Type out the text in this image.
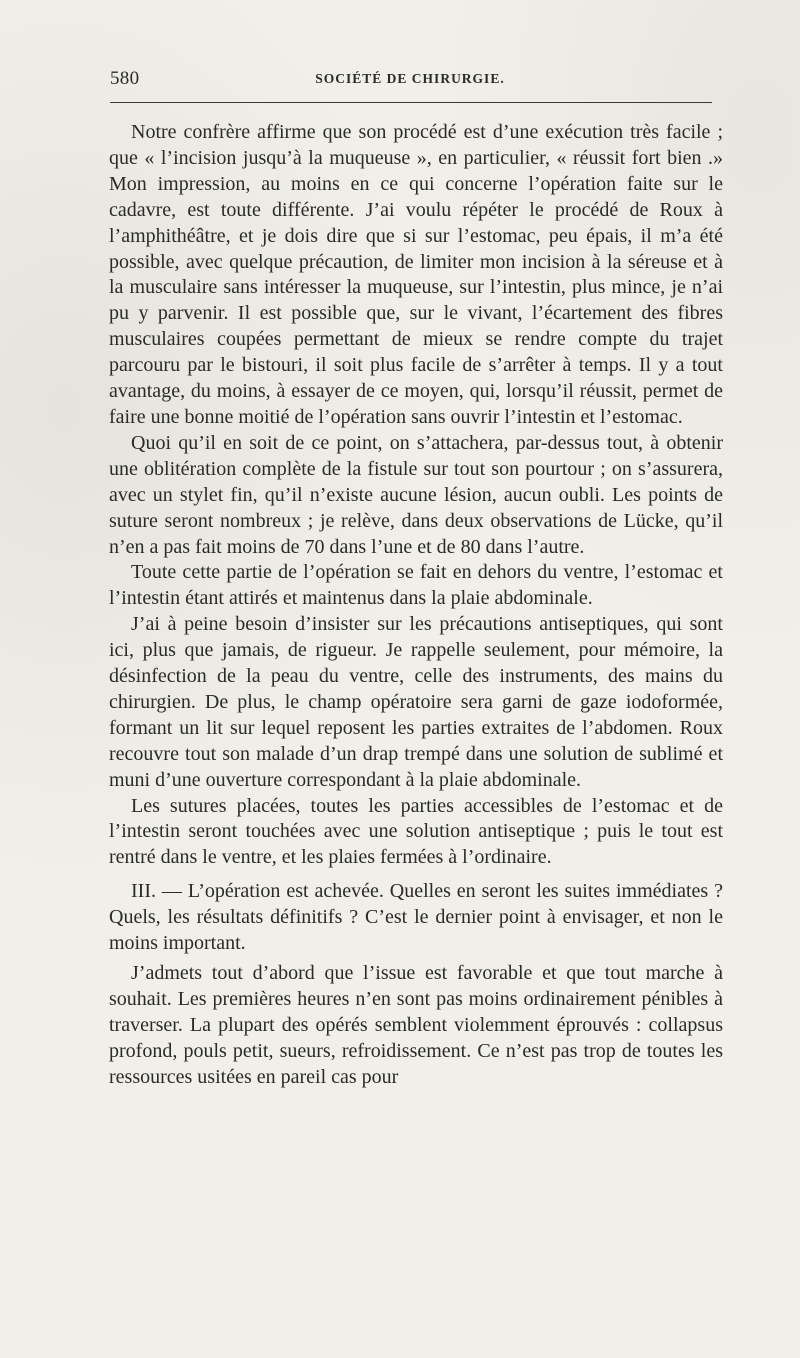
580	SOCIÉTÉ DE CHIRURGIE.

Notre confrère affirme que son procédé est d’une exécution très facile ; que « l’incision jusqu’à la muqueuse », en particulier, « réussit fort bien .» Mon impression, au moins en ce qui concerne l’opération faite sur le cadavre, est toute différente. J’ai voulu répéter le procédé de Roux à l’amphithéâtre, et je dois dire que si sur l’estomac, peu épais, il m’a été possible, avec quelque précaution, de limiter mon incision à la séreuse et à la musculaire sans intéresser la muqueuse, sur l’intestin, plus mince, je n’ai pu y parvenir. Il est possible que, sur le vivant, l’écartement des fibres musculaires coupées permettant de mieux se rendre compte du trajet parcouru par le bistouri, il soit plus facile de s’arrêter à temps. Il y a tout avantage, du moins, à essayer de ce moyen, qui, lorsqu’il réussit, permet de faire une bonne moitié de l’opération sans ouvrir l’intestin et l’estomac.

Quoi qu’il en soit de ce point, on s’attachera, par-dessus tout, à obtenir une oblitération complète de la fistule sur tout son pourtour ; on s’assurera, avec un stylet fin, qu’il n’existe aucune lésion, aucun oubli. Les points de suture seront nombreux ; je relève, dans deux observations de Lücke, qu’il n’en a pas fait moins de 70 dans l’une et de 80 dans l’autre.

Toute cette partie de l’opération se fait en dehors du ventre, l’estomac et l’intestin étant attirés et maintenus dans la plaie abdominale.

J’ai à peine besoin d’insister sur les précautions antiseptiques, qui sont ici, plus que jamais, de rigueur. Je rappelle seulement, pour mémoire, la désinfection de la peau du ventre, celle des instruments, des mains du chirurgien. De plus, le champ opératoire sera garni de gaze iodoformée, formant un lit sur lequel reposent les parties extraites de l’abdomen. Roux recouvre tout son malade d’un drap trempé dans une solution de sublimé et muni d’une ouverture correspondant à la plaie abdominale.

Les sutures placées, toutes les parties accessibles de l’estomac et de l’intestin seront touchées avec une solution antiseptique ; puis le tout est rentré dans le ventre, et les plaies fermées à l’ordinaire.

III. — L’opération est achevée. Quelles en seront les suites immédiates ? Quels, les résultats définitifs ? C’est le dernier point à envisager, et non le moins important.

J’admets tout d’abord que l’issue est favorable et que tout marche à souhait. Les premières heures n’en sont pas moins ordinairement pénibles à traverser. La plupart des opérés semblent violemment éprouvés : collapsus profond, pouls petit, sueurs, refroidissement. Ce n’est pas trop de toutes les ressources usitées en pareil cas pour
